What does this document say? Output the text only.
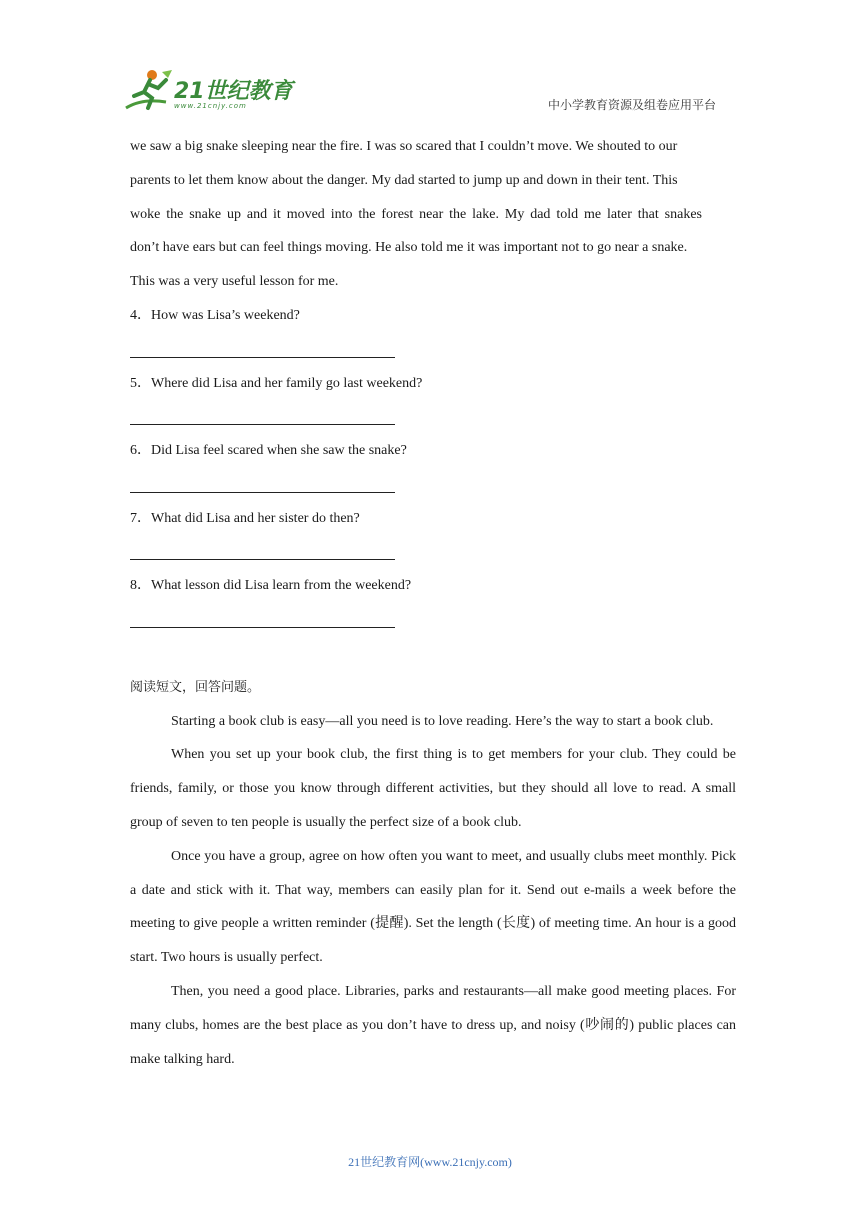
21世纪教育
www.21cnjy.com	中小学教育资源及组卷应用平台

we saw a big snake sleeping near the fire. I was so scared that I couldn’t move. We shouted to our

parents to let them know about the danger. My dad started to jump up and down in their tent. This

woke the snake up and it moved into the forest near the lake. My dad told me later that snakes

don’t have ears but can feel things moving. He also told me it was important not to go near a snake.

This was a very useful lesson for me.

4．How was Lisa’s weekend?

5．Where did Lisa and her family go last weekend?

6．Did Lisa feel scared when she saw the snake?

7．What did Lisa and her sister do then?

8．What lesson did Lisa learn from the weekend?

阅读短文，回答问题。

Starting a book club is easy—all you need is to love reading. Here’s the way to start a book club.

When you set up your book club, the first thing is to get members for your club. They could be friends, family, or those you know through different activities, but they should all love to read. A small group of seven to ten people is usually the perfect size of a book club.

Once you have a group, agree on how often you want to meet, and usually clubs meet monthly. Pick a date and stick with it. That way, members can easily plan for it. Send out e-mails a week before the meeting to give people a written reminder (提醒). Set the length (长度) of meeting time. An hour is a good start. Two hours is usually perfect.

Then, you need a good place. Libraries, parks and restaurants—all make good meeting places. For many clubs, homes are the best place as you don’t have to dress up, and noisy (吵闹的) public places can make talking hard.

21世纪教育网(www.21cnjy.com)
